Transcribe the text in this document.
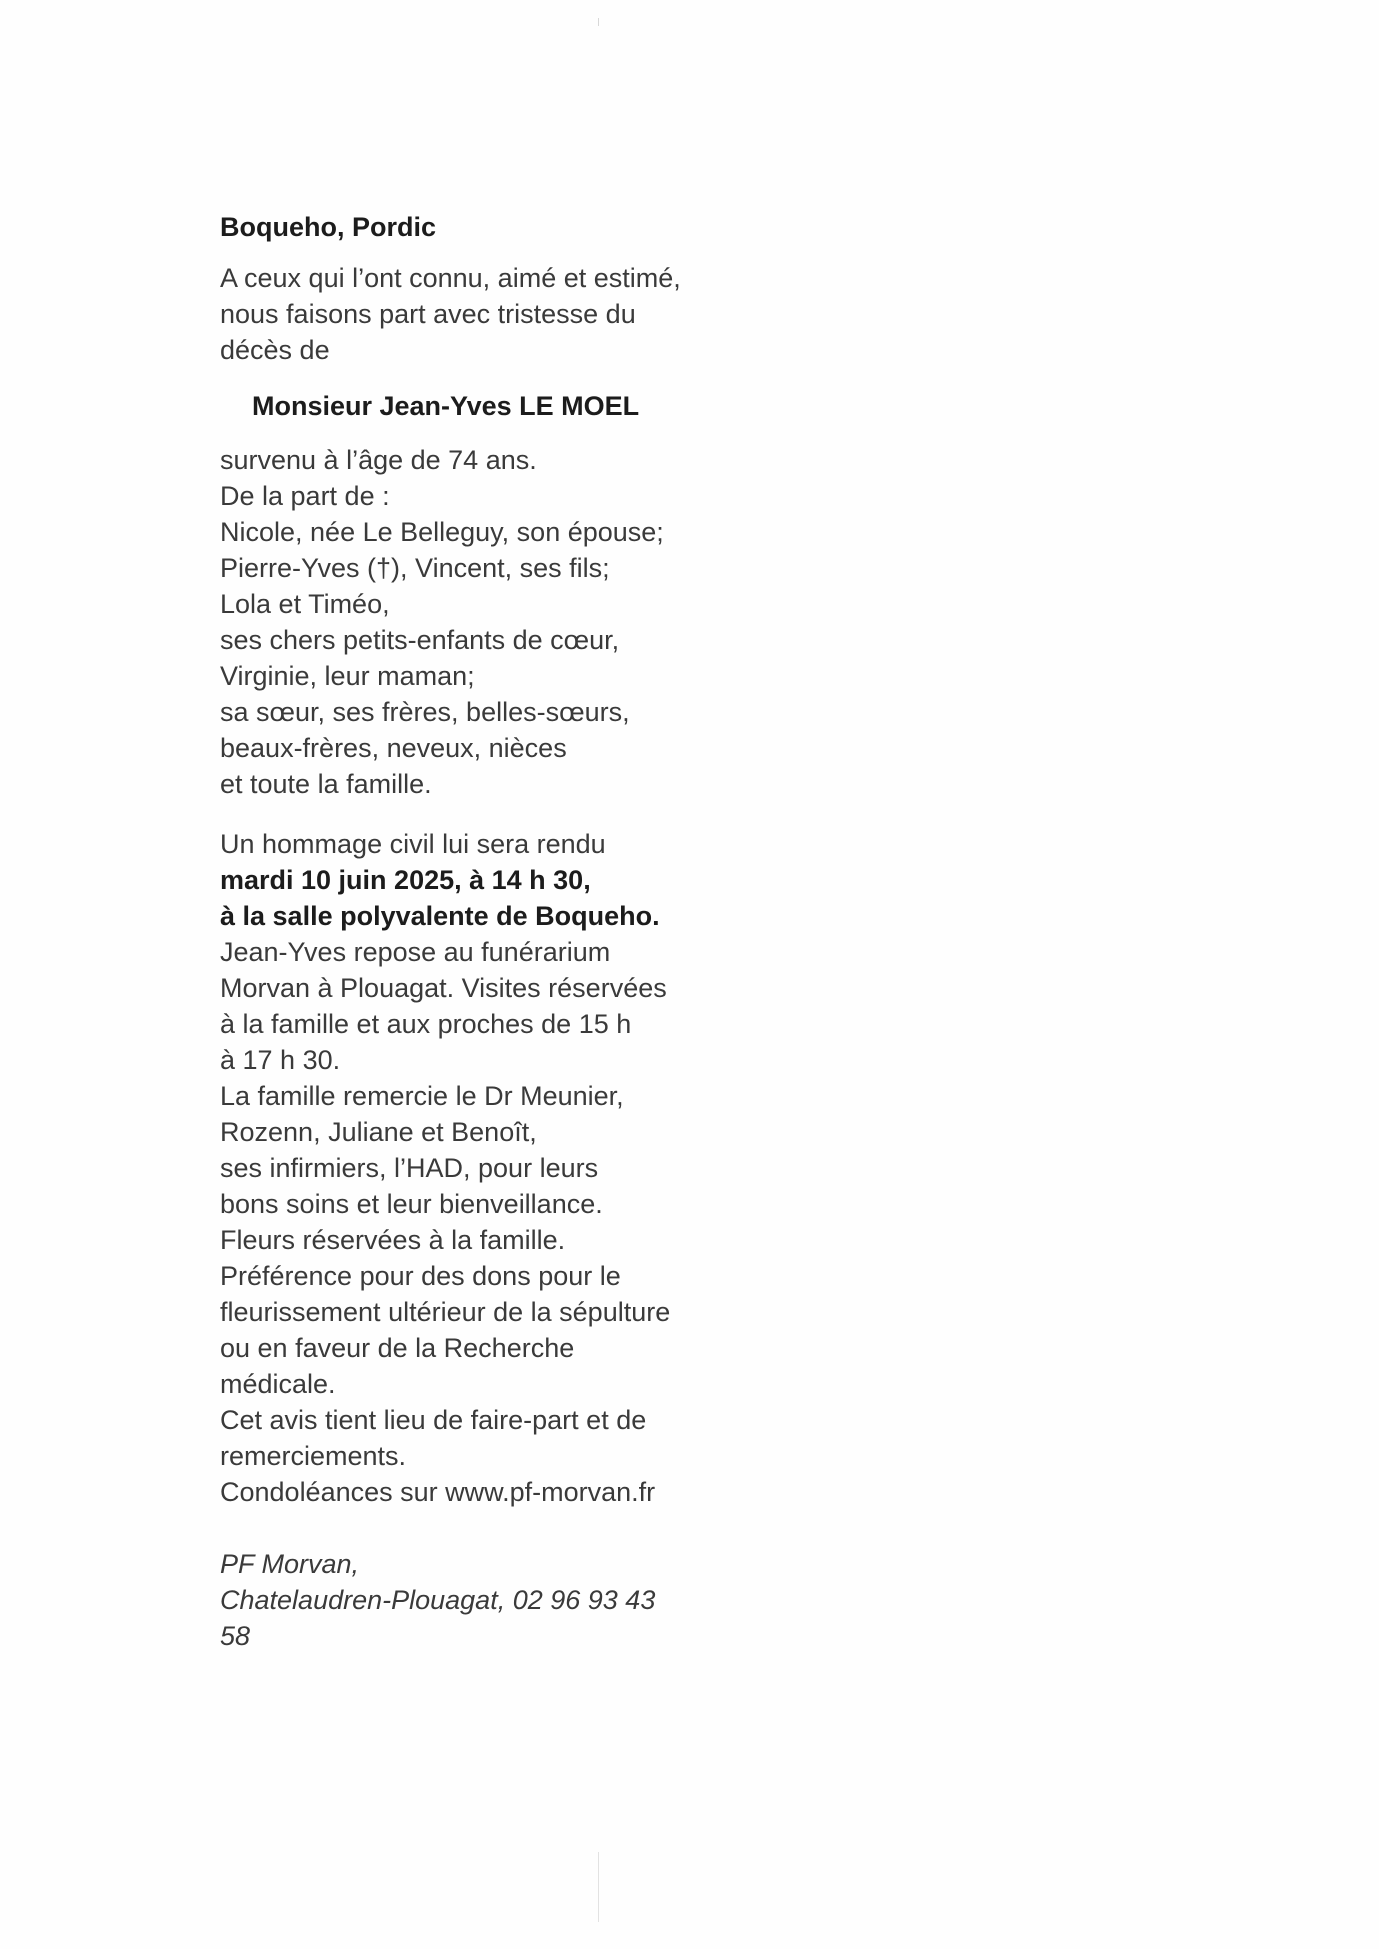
Boqueho, Pordic
A ceux qui l’ont connu, aimé et estimé,
nous faisons part avec tristesse du
décès de
Monsieur Jean-Yves LE MOEL
survenu à l’âge de 74 ans.
De la part de :
Nicole, née Le Belleguy, son épouse;
Pierre-Yves (†), Vincent, ses fils;
Lola et Timéo,
ses chers petits-enfants de cœur,
Virginie, leur maman;
sa sœur, ses frères, belles-sœurs,
beaux-frères, neveux, nièces
et toute la famille.
Un hommage civil lui sera rendu
mardi 10 juin 2025, à 14 h 30,
à la salle polyvalente de Boqueho.
Jean-Yves repose au funérarium
Morvan à Plouagat. Visites réservées
à la famille et aux proches de 15 h
à 17 h 30.
La famille remercie le Dr Meunier,
Rozenn, Juliane et Benoît,
ses infirmiers, l’HAD, pour leurs
bons soins et leur bienveillance.
Fleurs réservées à la famille.
Préférence pour des dons pour le
fleurissement ultérieur de la sépulture
ou en faveur de la Recherche
médicale.
Cet avis tient lieu de faire-part et de
remerciements.
Condoléances sur www.pf-morvan.fr
PF Morvan,
Chatelaudren-Plouagat, 02 96 93 43
58
